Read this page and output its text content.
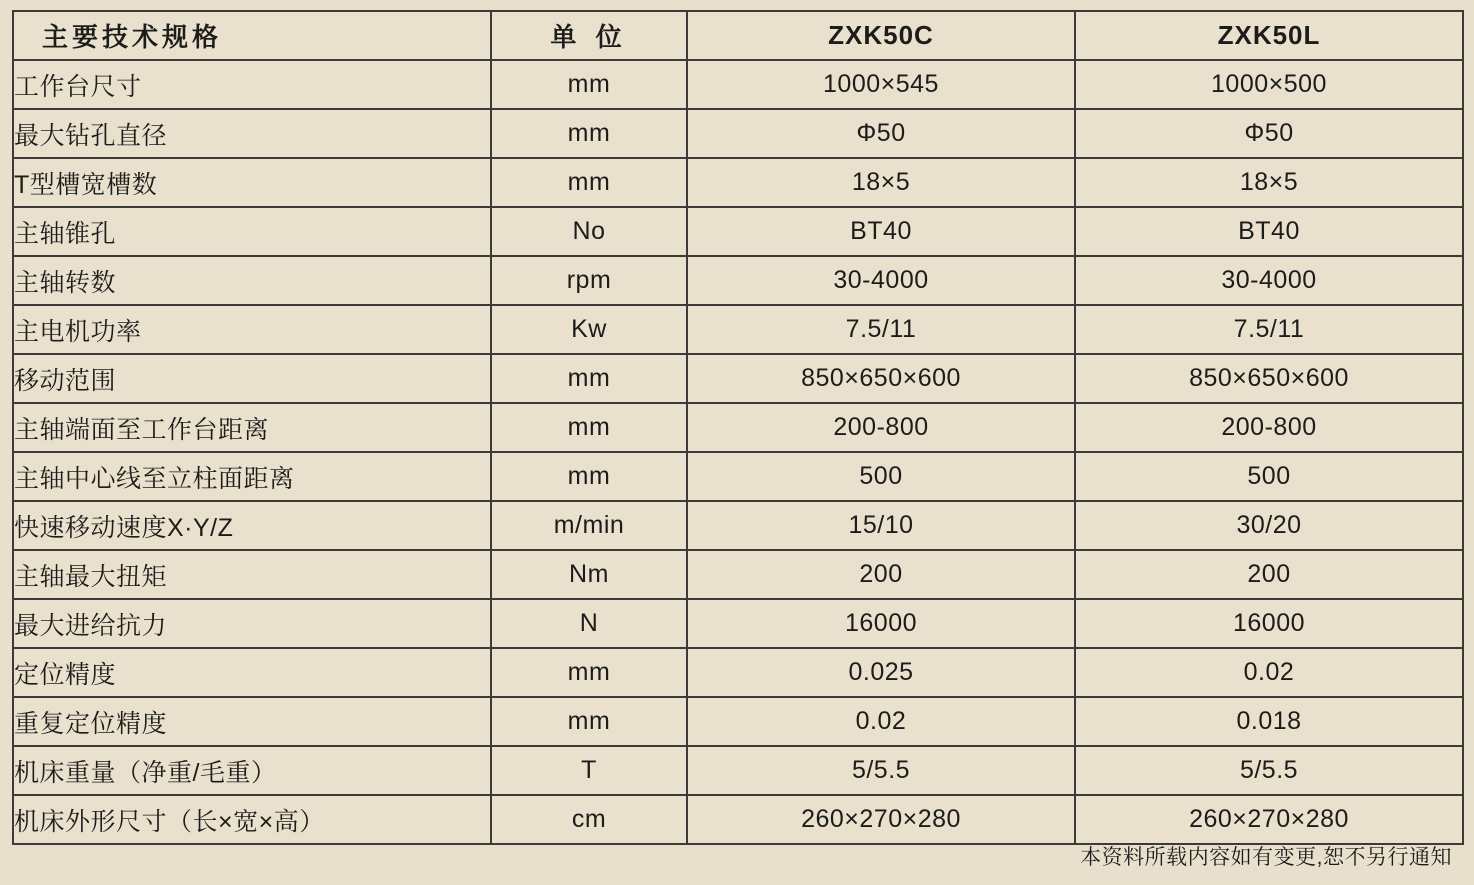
主要技术规格	单 位	ZXK50C	ZXK50L
工作台尺寸	mm	1000×545	1000×500
最大钻孔直径	mm	Φ50	Φ50
T型槽宽槽数	mm	18×5	18×5
主轴锥孔	No	BT40	BT40
主轴转数	rpm	30-4000	30-4000
主电机功率	Kw	7.5/11	7.5/11
移动范围	mm	850×650×600	850×650×600
主轴端面至工作台距离	mm	200-800	200-800
主轴中心线至立柱面距离	mm	500	500
快速移动速度X·Y/Z	m/min	15/10	30/20
主轴最大扭矩	Nm	200	200
最大进给抗力	N	16000	16000
定位精度	mm	0.025	0.02
重复定位精度	mm	0.02	0.018
机床重量（净重/毛重）	T	5/5.5	5/5.5
机床外形尺寸（长×宽×高）	cm	260×270×280	260×270×280
本资料所载内容如有变更,恕不另行通知
